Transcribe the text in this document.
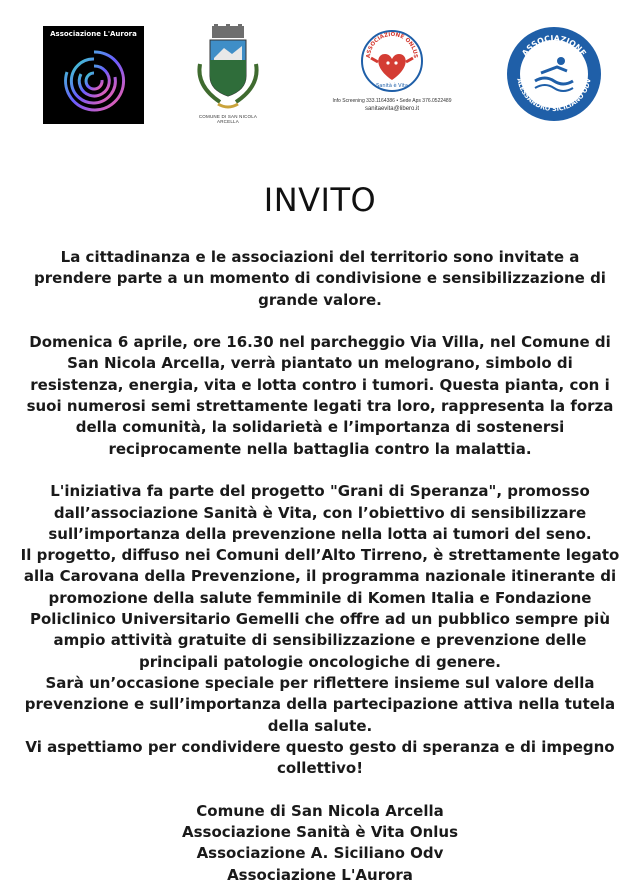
Associazione L'Aurora
COMUNE DI SAN NICOLA ARCELLA
ASSOCIAZIONE ONLUS
Sanità è Vita
Info Screening 333.1164386 • Sede Aps 376.0522489
sanitaevita@libero.it
ASSOCIAZIONE
ALESSANDRO SICILIANO ODV
INVITO

La cittadinanza e le associazioni del territorio sono invitate a prendere parte a un momento di condivisione e sensibilizzazione di grande valore.

Domenica 6 aprile, ore 16.30 nel parcheggio Via Villa, nel Comune di San Nicola Arcella, verrà piantato un melograno, simbolo di resistenza, energia, vita e lotta contro i tumori. Questa pianta, con i suoi numerosi semi strettamente legati tra loro, rappresenta la forza della comunità, la solidarietà e l’importanza di sostenersi reciprocamente nella battaglia contro la malattia.

L'iniziativa fa parte del progetto "Grani di Speranza", promosso dall’associazione Sanità è Vita, con l’obiettivo di sensibilizzare sull’importanza della prevenzione nella lotta ai tumori del seno.

Il progetto, diffuso nei Comuni dell’Alto Tirreno, è strettamente legato alla Carovana della Prevenzione, il programma nazionale itinerante di promozione della salute femminile di Komen Italia e Fondazione Policlinico Universitario Gemelli che offre ad un pubblico sempre più ampio attività gratuite di sensibilizzazione e prevenzione delle principali patologie oncologiche di genere.

Sarà un’occasione speciale per riflettere insieme sul valore della prevenzione e sull’importanza della partecipazione attiva nella tutela della salute.

Vi aspettiamo per condividere questo gesto di speranza e di impegno collettivo!

Comune di San Nicola Arcella

Associazione Sanità è Vita Onlus

Associazione A. Siciliano Odv

Associazione L'Aurora
